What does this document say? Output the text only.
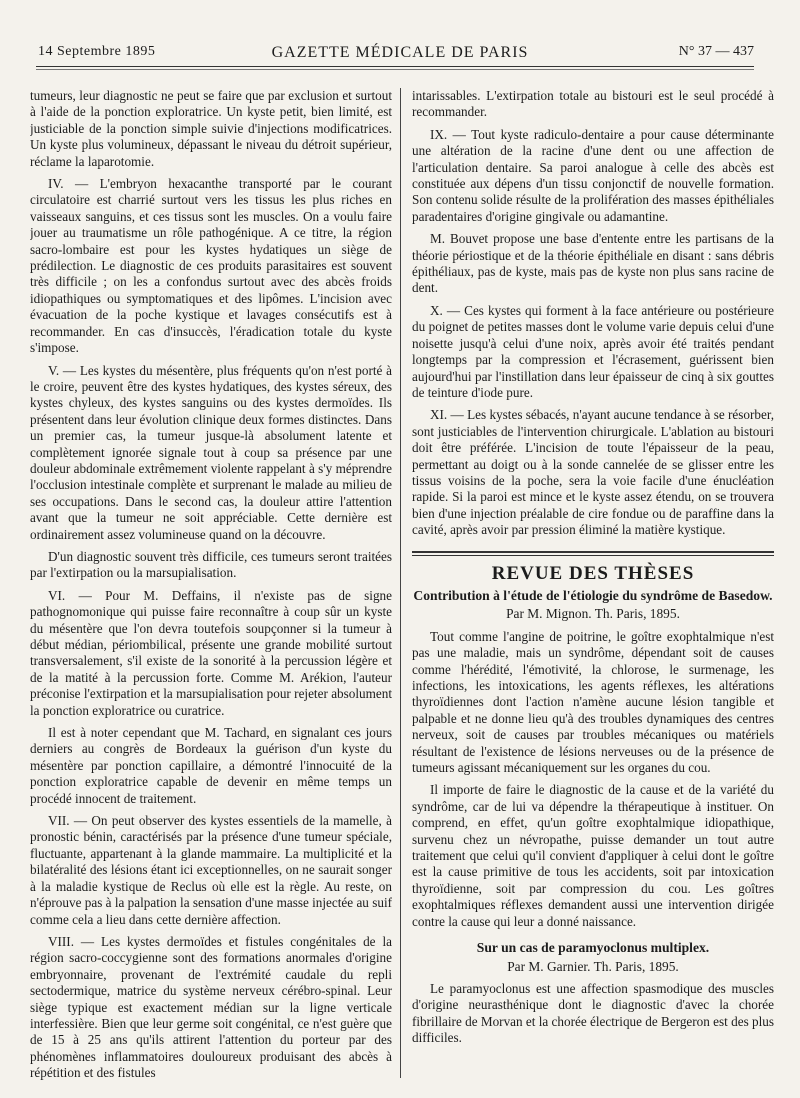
14 Septembre 1895	GAZETTE MÉDICALE DE PARIS	N° 37 — 437

tumeurs, leur diagnostic ne peut se faire que par exclusion et surtout à l'aide de la ponction exploratrice. Un kyste petit, bien limité, est justiciable de la ponction simple suivie d'injections modificatrices. Un kyste plus volumineux, dépassant le niveau du détroit supérieur, réclame la laparotomie.

IV. — L'embryon hexacanthe transporté par le courant circulatoire est charrié surtout vers les tissus les plus riches en vaisseaux sanguins, et ces tissus sont les muscles. On a voulu faire jouer au traumatisme un rôle pathogénique. A ce titre, la région sacro-lombaire est pour les kystes hydatiques un siège de prédilection. Le diagnostic de ces produits parasitaires est souvent très difficile ; on les a confondus surtout avec des abcès froids idiopathiques ou symptomatiques et des lipômes. L'incision avec évacuation de la poche kystique et lavages consécutifs est à recommander. En cas d'insuccès, l'éradication totale du kyste s'impose.

V. — Les kystes du mésentère, plus fréquents qu'on n'est porté à le croire, peuvent être des kystes hydatiques, des kystes séreux, des kystes chyleux, des kystes sanguins ou des kystes dermoïdes. Ils présentent dans leur évolution clinique deux formes distinctes. Dans un premier cas, la tumeur jusque-là absolument latente et complètement ignorée signale tout à coup sa présence par une douleur abdominale extrêmement violente rappelant à s'y méprendre l'occlusion intestinale complète et surprenant le malade au milieu de ses occupations. Dans le second cas, la douleur attire l'attention avant que la tumeur ne soit appréciable. Cette dernière est ordinairement assez volumineuse quand on la découvre.

D'un diagnostic souvent très difficile, ces tumeurs seront traitées par l'extirpation ou la marsupialisation.

VI. — Pour M. Deffains, il n'existe pas de signe pathognomonique qui puisse faire reconnaître à coup sûr un kyste du mésentère que l'on devra toutefois soupçonner si la tumeur à début médian, périombilical, présente une grande mobilité surtout transversalement, s'il existe de la sonorité à la percussion légère et de la matité à la percussion forte. Comme M. Arékion, l'auteur préconise l'extirpation et la marsupialisation pour rejeter absolument la ponction exploratrice ou curatrice.

Il est à noter cependant que M. Tachard, en signalant ces jours derniers au congrès de Bordeaux la guérison d'un kyste du mésentère par ponction capillaire, a démontré l'innocuité de la ponction exploratrice capable de devenir en même temps un procédé innocent de traitement.

VII. — On peut observer des kystes essentiels de la mamelle, à pronostic bénin, caractérisés par la présence d'une tumeur spéciale, fluctuante, appartenant à la glande mammaire. La multiplicité et la bilatéralité des lésions étant ici exceptionnelles, on ne saurait songer à la maladie kystique de Reclus où elle est la règle. Au reste, on n'éprouve pas à la palpation la sensation d'une masse injectée au suif comme cela a lieu dans cette dernière affection.

VIII. — Les kystes dermoïdes et fistules congénitales de la région sacro-coccygienne sont des formations anormales d'origine embryonnaire, provenant de l'extrémité caudale du repli sectodermique, matrice du système nerveux cérébro-spinal. Leur siège typique est exactement médian sur la ligne verticale interfessière. Bien que leur germe soit congénital, ce n'est guère que de 15 à 25 ans qu'ils attirent l'attention du porteur par des phénomènes inflammatoires douloureux produisant des abcès à répétition et des fistules

intarissables. L'extirpation totale au bistouri est le seul procédé à recommander.

IX. — Tout kyste radiculo-dentaire a pour cause déterminante une altération de la racine d'une dent ou une affection de l'articulation dentaire. Sa paroi analogue à celle des abcès est constituée aux dépens d'un tissu conjonctif de nouvelle formation. Son contenu solide résulte de la prolifération des masses épithéliales paradentaires d'origine gingivale ou adamantine.

M. Bouvet propose une base d'entente entre les partisans de la théorie périostique et de la théorie épithéliale en disant : sans débris épithéliaux, pas de kyste, mais pas de kyste non plus sans racine de dent.

X. — Ces kystes qui forment à la face antérieure ou postérieure du poignet de petites masses dont le volume varie depuis celui d'une noisette jusqu'à celui d'une noix, après avoir été traités pendant longtemps par la compression et l'écrasement, guérissent bien aujourd'hui par l'instillation dans leur épaisseur de cinq à six gouttes de teinture d'iode pure.

XI. — Les kystes sébacés, n'ayant aucune tendance à se résorber, sont justiciables de l'intervention chirurgicale. L'ablation au bistouri doit être préférée. L'incision de toute l'épaisseur de la peau, permettant au doigt ou à la sonde cannelée de se glisser entre les tissus voisins de la poche, sera la voie facile d'une énucléation rapide. Si la paroi est mince et le kyste assez étendu, on se trouvera bien d'une injection préalable de cire fondue ou de paraffine dans la cavité, après avoir par pression éliminé la matière kystique.

REVUE DES THÈSES
Contribution à l'étude de l'étiologie du syndrôme de Basedow.
Par M. Mignon. Th. Paris, 1895.

Tout comme l'angine de poitrine, le goître exophtalmique n'est pas une maladie, mais un syndrôme, dépendant soit de causes comme l'hérédité, l'émotivité, la chlorose, le surmenage, les infections, les intoxications, les agents réflexes, les altérations thyroïdiennes dont l'action n'amène aucune lésion tangible et palpable et ne donne lieu qu'à des troubles dynamiques des centres nerveux, soit de causes par troubles mécaniques ou matériels résultant de l'existence de lésions nerveuses ou de la présence de tumeurs agissant mécaniquement sur les organes du cou.

Il importe de faire le diagnostic de la cause et de la variété du syndrôme, car de lui va dépendre la thérapeutique à instituer. On comprend, en effet, qu'un goître exophtalmique idiopathique, survenu chez un névropathe, puisse demander un tout autre traitement que celui qu'il convient d'appliquer à celui dont le goître est la cause primitive de tous les accidents, soit par intoxication thyroïdienne, soit par compression du cou. Les goîtres exophtalmiques réflexes demandent aussi une intervention dirigée contre la cause qui leur a donné naissance.

Sur un cas de paramyoclonus multiplex.
Par M. Garnier. Th. Paris, 1895.

Le paramyoclonus est une affection spasmodique des muscles d'origine neurasthénique dont le diagnostic d'avec la chorée fibrillaire de Morvan et la chorée électrique de Bergeron est des plus difficiles.
